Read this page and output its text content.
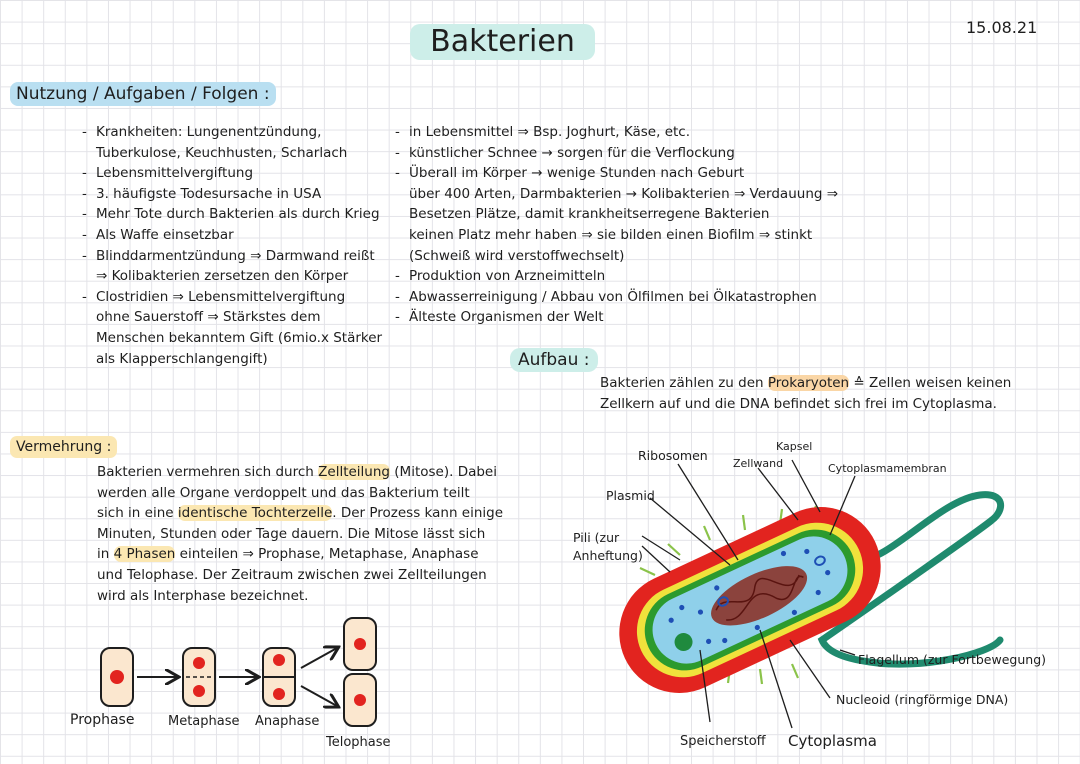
Bakterien	15.08.21
Nutzung / Aufgaben / Folgen :
- Krankheiten: Lungenentzündung,
Tuberkulose, Keuchhusten, Scharlach
- Lebensmittelvergiftung
- 3. häufigste Todesursache in USA
- Mehr Tote durch Bakterien als durch Krieg
- Als Waffe einsetzbar
- Blinddarmentzündung ⇒ Darmwand reißt
⇒ Kolibakterien zersetzen den Körper
- Clostridien ⇒ Lebensmittelvergiftung
ohne Sauerstoff ⇒ Stärkstes dem
Menschen bekanntem Gift (6mio.x Stärker
als Klapperschlangengift)
- in Lebensmittel ⇒ Bsp. Joghurt, Käse, etc.
- künstlicher Schnee → sorgen für die Verflockung
- Überall im Körper → wenige Stunden nach Geburt
über 400 Arten, Darmbakterien → Kolibakterien ⇒ Verdauung ⇒
Besetzen Plätze, damit krankheitserregene Bakterien
keinen Platz mehr haben ⇒ sie bilden einen Biofilm ⇒ stinkt
(Schweiß wird verstoffwechselt)
- Produktion von Arzneimitteln
- Abwasserreinigung / Abbau von Ölfilmen bei Ölkatastrophen
- Älteste Organismen der Welt
Aufbau :
Bakterien zählen zu den Prokaryoten ≙ Zellen weisen keinen
Zellkern auf und die DNA befindet sich frei im Cytoplasma.
Vermehrung :
Bakterien vermehren sich durch Zellteilung (Mitose). Dabei
werden alle Organe verdoppelt und das Bakterium teilt
sich in eine identische Tochterzelle. Der Prozess kann einige
Minuten, Stunden oder Tage dauern. Die Mitose lässt sich
in 4 Phasen einteilen ⇒ Prophase, Metaphase, Anaphase
und Telophase. Der Zeitraum zwischen zwei Zellteilungen
wird als Interphase bezeichnet.
Prophase	Metaphase Anaphase
Telophase
Ribosomen
Zellwand
Kapsel
Cytoplasmamembran
Plasmid
Pili (zur
Anheftung)
Flagellum (zur Fortbewegung)
Nucleoid (ringförmige DNA)
Speicherstoff Cytoplasma
